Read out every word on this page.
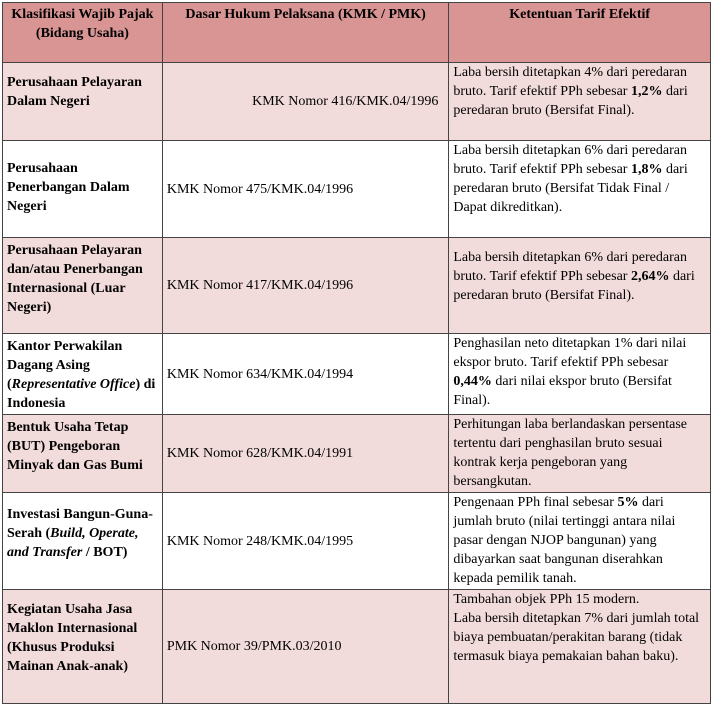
Klasifikasi Wajib Pajak (Bidang Usaha)	Dasar Hukum Pelaksana (KMK / PMK)	Ketentuan Tarif Efektif
Perusahaan Pelayaran Dalam Negeri	KMK Nomor 416/KMK.04/1996	Laba bersih ditetapkan 4% dari peredaran bruto. Tarif efektif PPh sebesar 1,2% dari peredaran bruto (Bersifat Final).
Perusahaan Penerbangan Dalam Negeri	KMK Nomor 475/KMK.04/1996	Laba bersih ditetapkan 6% dari peredaran bruto. Tarif efektif PPh sebesar 1,8% dari peredaran bruto (Bersifat Tidak Final / Dapat dikreditkan).
Perusahaan Pelayaran dan/atau Penerbangan Internasional (Luar Negeri)	KMK Nomor 417/KMK.04/1996	Laba bersih ditetapkan 6% dari peredaran bruto. Tarif efektif PPh sebesar 2,64% dari peredaran bruto (Bersifat Final).
Kantor Perwakilan Dagang Asing (Representative Office) di Indonesia	KMK Nomor 634/KMK.04/1994	Penghasilan neto ditetapkan 1% dari nilai ekspor bruto. Tarif efektif PPh sebesar 0,44% dari nilai ekspor bruto (Bersifat Final).
Bentuk Usaha Tetap (BUT) Pengeboran Minyak dan Gas Bumi	KMK Nomor 628/KMK.04/1991	Perhitungan laba berlandaskan persentase tertentu dari penghasilan bruto sesuai kontrak kerja pengeboran yang bersangkutan.
Investasi Bangun-Guna-Serah (Build, Operate, and Transfer / BOT)	KMK Nomor 248/KMK.04/1995	Pengenaan PPh final sebesar 5% dari jumlah bruto (nilai tertinggi antara nilai pasar dengan NJOP bangunan) yang dibayarkan saat bangunan diserahkan kepada pemilik tanah.
Kegiatan Usaha Jasa Maklon Internasional (Khusus Produksi Mainan Anak-anak)	PMK Nomor 39/PMK.03/2010	Tambahan objek PPh 15 modern.
Laba bersih ditetapkan 7% dari jumlah total biaya pembuatan/perakitan barang (tidak termasuk biaya pemakaian bahan baku).
